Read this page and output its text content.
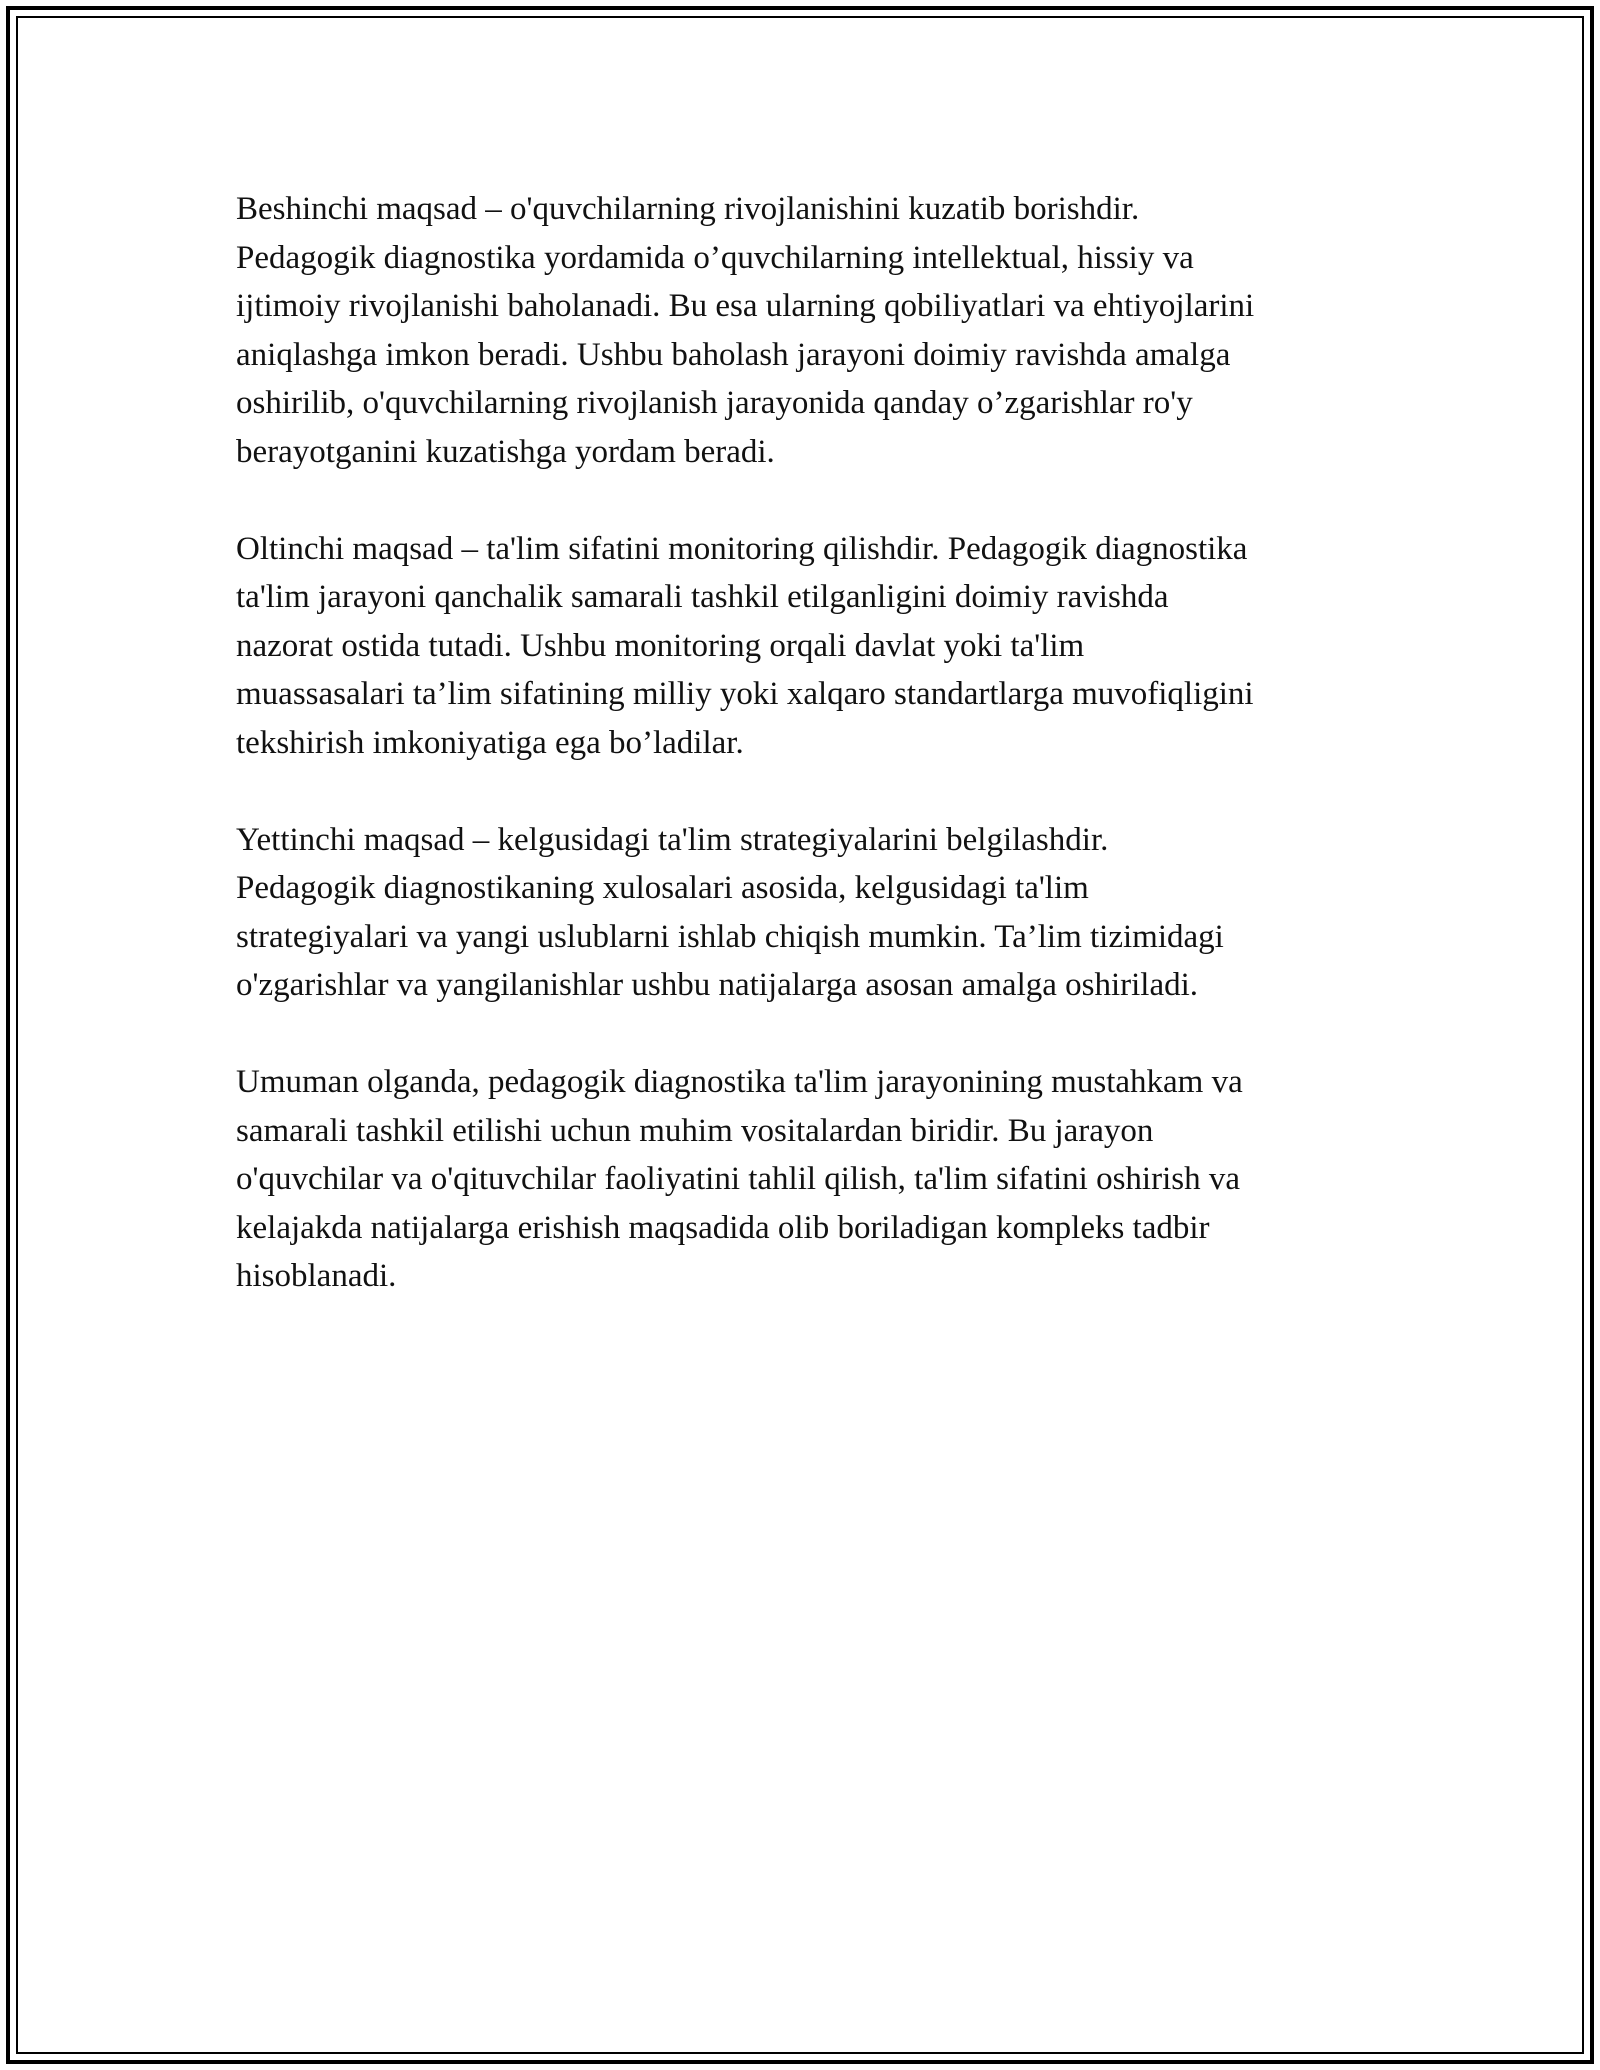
Beshinchi maqsad – o'quvchilarning rivojlanishini kuzatib borishdir.
Pedagogik diagnostika yordamida o’quvchilarning intellektual, hissiy va
ijtimoiy rivojlanishi baholanadi. Bu esa ularning qobiliyatlari va ehtiyojlarini
aniqlashga imkon beradi. Ushbu baholash jarayoni doimiy ravishda amalga
oshirilib, o'quvchilarning rivojlanish jarayonida qanday o’zgarishlar ro'y
berayotganini kuzatishga yordam beradi.

Oltinchi maqsad – ta'lim sifatini monitoring qilishdir. Pedagogik diagnostika
ta'lim jarayoni qanchalik samarali tashkil etilganligini doimiy ravishda
nazorat ostida tutadi. Ushbu monitoring orqali davlat yoki ta'lim
muassasalari ta’lim sifatining milliy yoki xalqaro standartlarga muvofiqligini
tekshirish imkoniyatiga ega bo’ladilar.

Yettinchi maqsad – kelgusidagi ta'lim strategiyalarini belgilashdir.
Pedagogik diagnostikaning xulosalari asosida, kelgusidagi ta'lim
strategiyalari va yangi uslublarni ishlab chiqish mumkin. Ta’lim tizimidagi
o'zgarishlar va yangilanishlar ushbu natijalarga asosan amalga oshiriladi.

Umuman olganda, pedagogik diagnostika ta'lim jarayonining mustahkam va
samarali tashkil etilishi uchun muhim vositalardan biridir. Bu jarayon
o'quvchilar va o'qituvchilar faoliyatini tahlil qilish, ta'lim sifatini oshirish va
kelajakda natijalarga erishish maqsadida olib boriladigan kompleks tadbir
hisoblanadi.
